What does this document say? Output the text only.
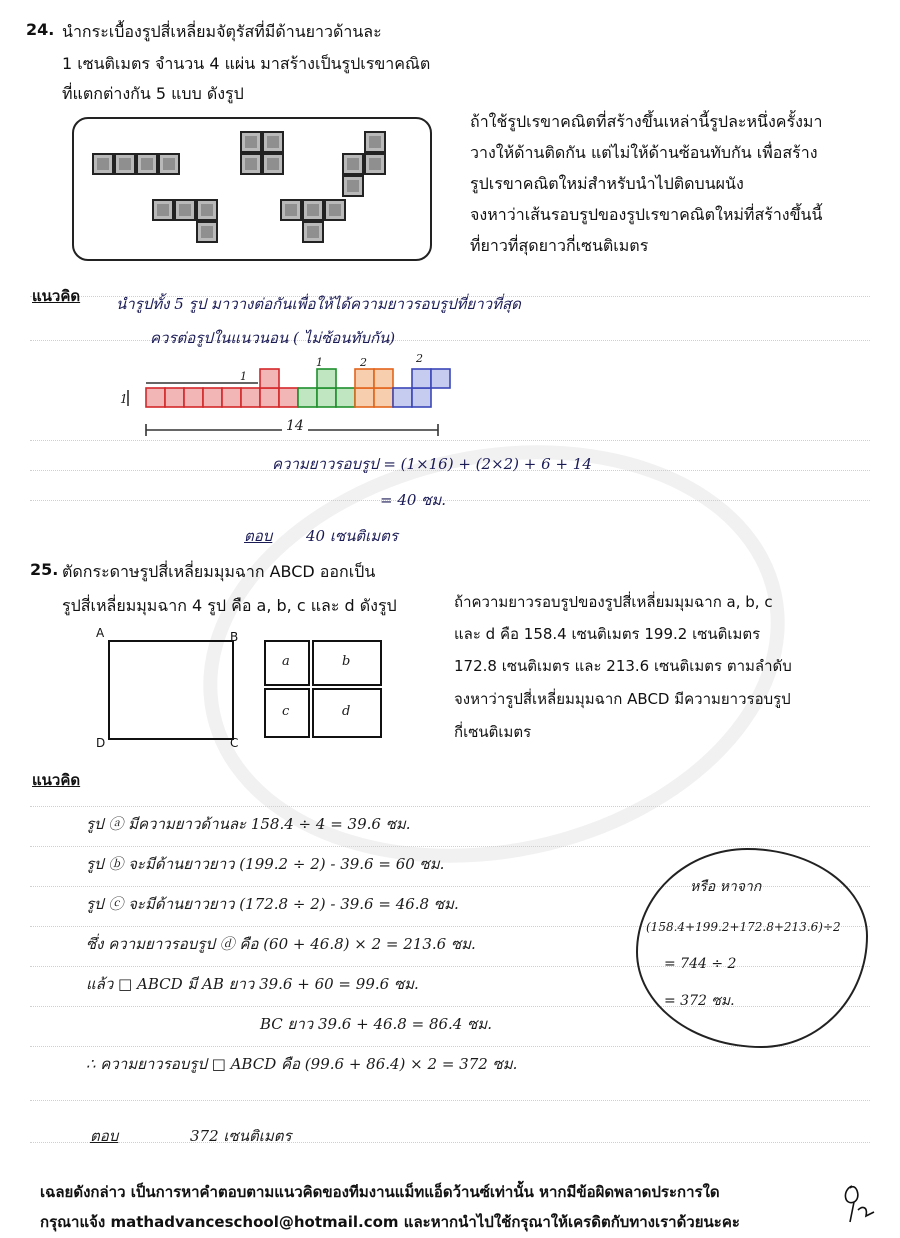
24. นำกระเบื้องรูปสี่เหลี่ยมจัตุรัสที่มีด้านยาวด้านละ
1 เซนติเมตร จำนวน 4 แผ่น มาสร้างเป็นรูปเรขาคณิต
ที่แตกต่างกัน 5 แบบ ดังรูป
ถ้าใช้รูปเรขาคณิตที่สร้างขึ้นเหล่านี้รูปละหนึ่งครั้งมา
วางให้ด้านติดกัน แต่ไม่ให้ด้านซ้อนทับกัน เพื่อสร้าง
รูปเรขาคณิตใหม่สำหรับนำไปติดบนผนัง
จงหาว่าเส้นรอบรูปของรูปเรขาคณิตใหม่ที่สร้างขึ้นนี้
ที่ยาวที่สุดยาวกี่เซนติเมตร
แนวคิด นำรูปทั้ง 5 รูป มาวางต่อกันเพื่อให้ได้ความยาวรอบรูปที่ยาวที่สุด
ควรต่อรูปในแนวนอน ( ไม่ซ้อนทับกัน)
1
1
1	2	2
14
ความยาวรอบรูป = (1×16) + (2×2) + 6 + 14
= 40 ซม.
ตอบ 40 เซนติเมตร
25. ตัดกระดาษรูปสี่เหลี่ยมมุมฉาก ABCD ออกเป็น
รูปสี่เหลี่ยมมุมฉาก 4 รูป คือ a, b, c และ d ดังรูป
A	B
C
D
a	b
c	d
ถ้าความยาวรอบรูปของรูปสี่เหลี่ยมมุมฉาก a, b, c
และ d คือ 158.4 เซนติเมตร 199.2 เซนติเมตร
172.8 เซนติเมตร และ 213.6 เซนติเมตร ตามลำดับ
จงหาว่ารูปสี่เหลี่ยมมุมฉาก ABCD มีความยาวรอบรูป
กี่เซนติเมตร
แนวคิด
รูป ⓐ มีความยาวด้านละ 158.4 ÷ 4 = 39.6 ซม.
รูป ⓑ จะมีด้านยาวยาว (199.2 ÷ 2) - 39.6 = 60 ซม.
รูป ⓒ จะมีด้านยาวยาว (172.8 ÷ 2) - 39.6 = 46.8 ซม.
ซึ่ง ความยาวรอบรูป ⓓ คือ (60 + 46.8) × 2 = 213.6 ซม.
แล้ว □ ABCD มี AB ยาว 39.6 + 60 = 99.6 ซม.
BC ยาว 39.6 + 46.8 = 86.4 ซม.
∴ ความยาวรอบรูป □ ABCD คือ (99.6 + 86.4) × 2 = 372 ซม.
หรือ หาจาก
(158.4+199.2+172.8+213.6)÷2
= 744 ÷ 2
= 372 ซม.
ตอบ	372 เซนติเมตร
เฉลยดังกล่าว เป็นการหาคำตอบตามแนวคิดของทีมงานแม็ทแอ็ดว้านซ์เท่านั้น หากมีข้อผิดพลาดประการใด
กรุณาแจ้ง mathadvanceschool@hotmail.com และหากนำไปใช้กรุณาให้เครดิตกับทางเราด้วยนะคะ
